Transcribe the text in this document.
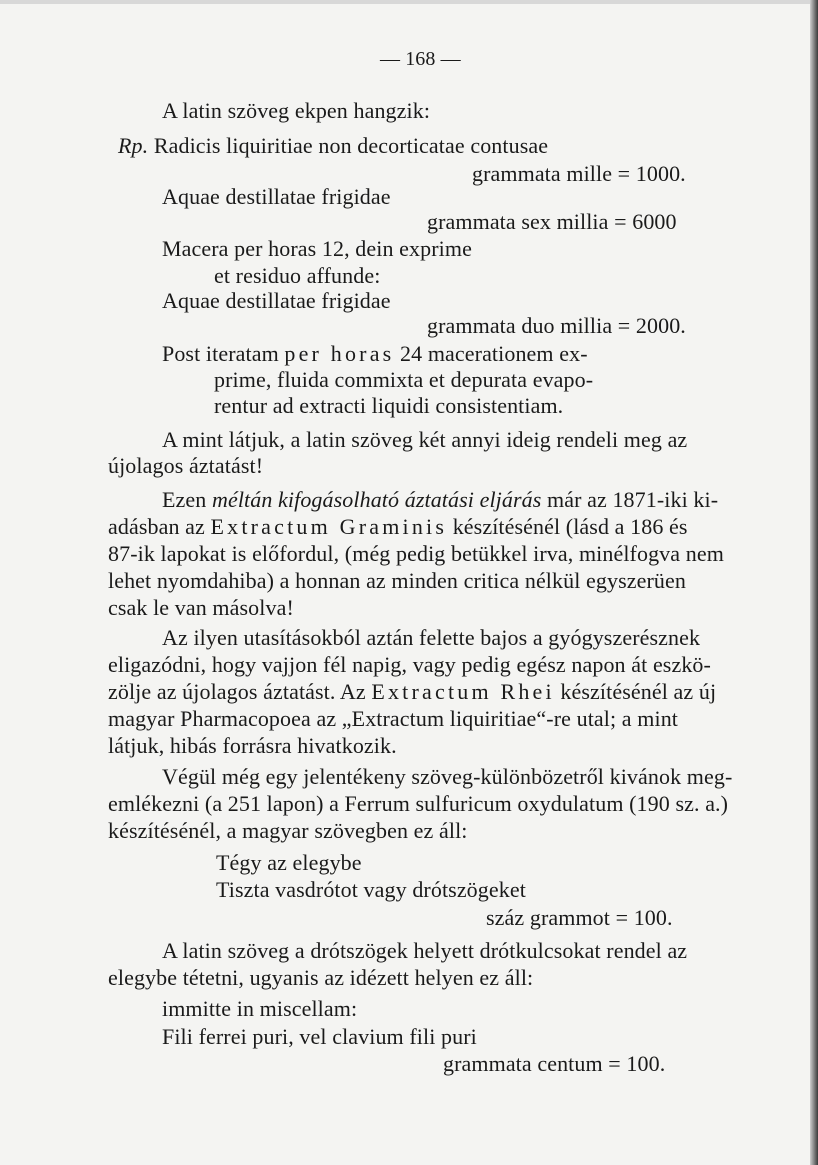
— 168 —
A latin szöveg ekpen hangzik:
Rp. Radicis liquiritiae non decorticatae contusae
grammata mille = 1000.
Aquae destillatae frigidae
grammata sex millia = 6000
Macera per horas 12, dein exprime
et residuo affunde:
Aquae destillatae frigidae
grammata duo millia = 2000.
Post iteratam per horas 24 macerationem ex-
prime, fluida commixta et depurata evapo-
rentur ad extracti liquidi consistentiam.
A mint látjuk, a latin szöveg két annyi ideig rendeli meg az
újolagos áztatást!
Ezen méltán kifogásolható áztatási eljárás már az 1871-iki ki-
adásban az Extractum Graminis készítésénél (lásd a 186 és
87-ik lapokat is előfordul, (még pedig betükkel irva, minélfogva nem
lehet nyomdahiba) a honnan az minden critica nélkül egyszerüen
csak le van másolva!
Az ilyen utasításokból aztán felette bajos a gyógyszerésznek
eligazódni, hogy vajjon fél napig, vagy pedig egész napon át eszkö-
zölje az újolagos áztatást. Az Extractum Rhei készítésénél az új
magyar Pharmacopoea az „Extractum liquiritiae“-re utal; a mint
látjuk, hibás forrásra hivatkozik.
Végül még egy jelentékeny szöveg-különbözetről kivánok meg-
emlékezni (a 251 lapon) a Ferrum sulfuricum oxydulatum (190 sz. a.)
készítésénél, a magyar szövegben ez áll:
Tégy az elegybe
Tiszta vasdrótot vagy drótszögeket
száz grammot = 100.
A latin szöveg a drótszögek helyett drótkulcsokat rendel az
elegybe tétetni, ugyanis az idézett helyen ez áll:
immitte in miscellam:
Fili ferrei puri, vel clavium fili puri
grammata centum = 100.
